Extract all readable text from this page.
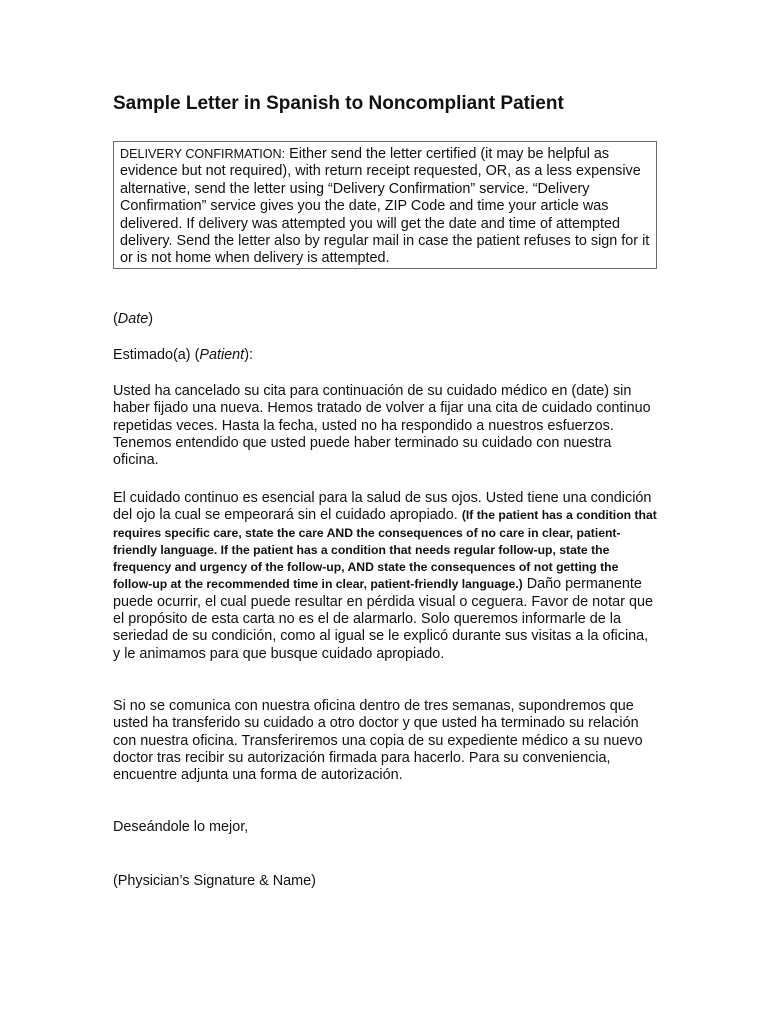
Sample Letter in Spanish to Noncompliant Patient
DELIVERY CONFIRMATION: Either send the letter certified (it may be helpful as evidence but not required), with return receipt requested, OR, as a less expensive alternative, send the letter using “Delivery Confirmation” service. “Delivery Confirmation” service gives you the date, ZIP Code and time your article was delivered. If delivery was attempted you will get the date and time of attempted delivery. Send the letter also by regular mail in case the patient refuses to sign for it or is not home when delivery is attempted.

(Date)

Estimado(a) (Patient):

Usted ha cancelado su cita para continuación de su cuidado médico en (date) sin haber fijado una nueva. Hemos tratado de volver a fijar una cita de cuidado continuo repetidas veces. Hasta la fecha, usted no ha respondido a nuestros esfuerzos. Tenemos entendido que usted puede haber terminado su cuidado con nuestra oficina.

El cuidado continuo es esencial para la salud de sus ojos. Usted tiene una condición del ojo la cual se empeorará sin el cuidado apropiado. (If the patient has a condition that requires specific care, state the care AND the consequences of no care in clear, patient-friendly language. If the patient has a condition that needs regular follow-up, state the frequency and urgency of the follow-up, AND state the consequences of not getting the follow-up at the recommended time in clear, patient-friendly language.) Daño permanente puede ocurrir, el cual puede resultar en pérdida visual o ceguera. Favor de notar que el propósito de esta carta no es el de alarmarlo. Solo queremos informarle de la seriedad de su condición, como al igual se le explicó durante sus visitas a la oficina, y le animamos para que busque cuidado apropiado.

Si no se comunica con nuestra oficina dentro de tres semanas, supondremos que usted ha transferido su cuidado a otro doctor y que usted ha terminado su relación con nuestra oficina. Transferiremos una copia de su expediente médico a su nuevo doctor tras recibir su autorización firmada para hacerlo. Para su conveniencia, encuentre adjunta una forma de autorización.

Deseándole lo mejor,

(Physician’s Signature & Name)
